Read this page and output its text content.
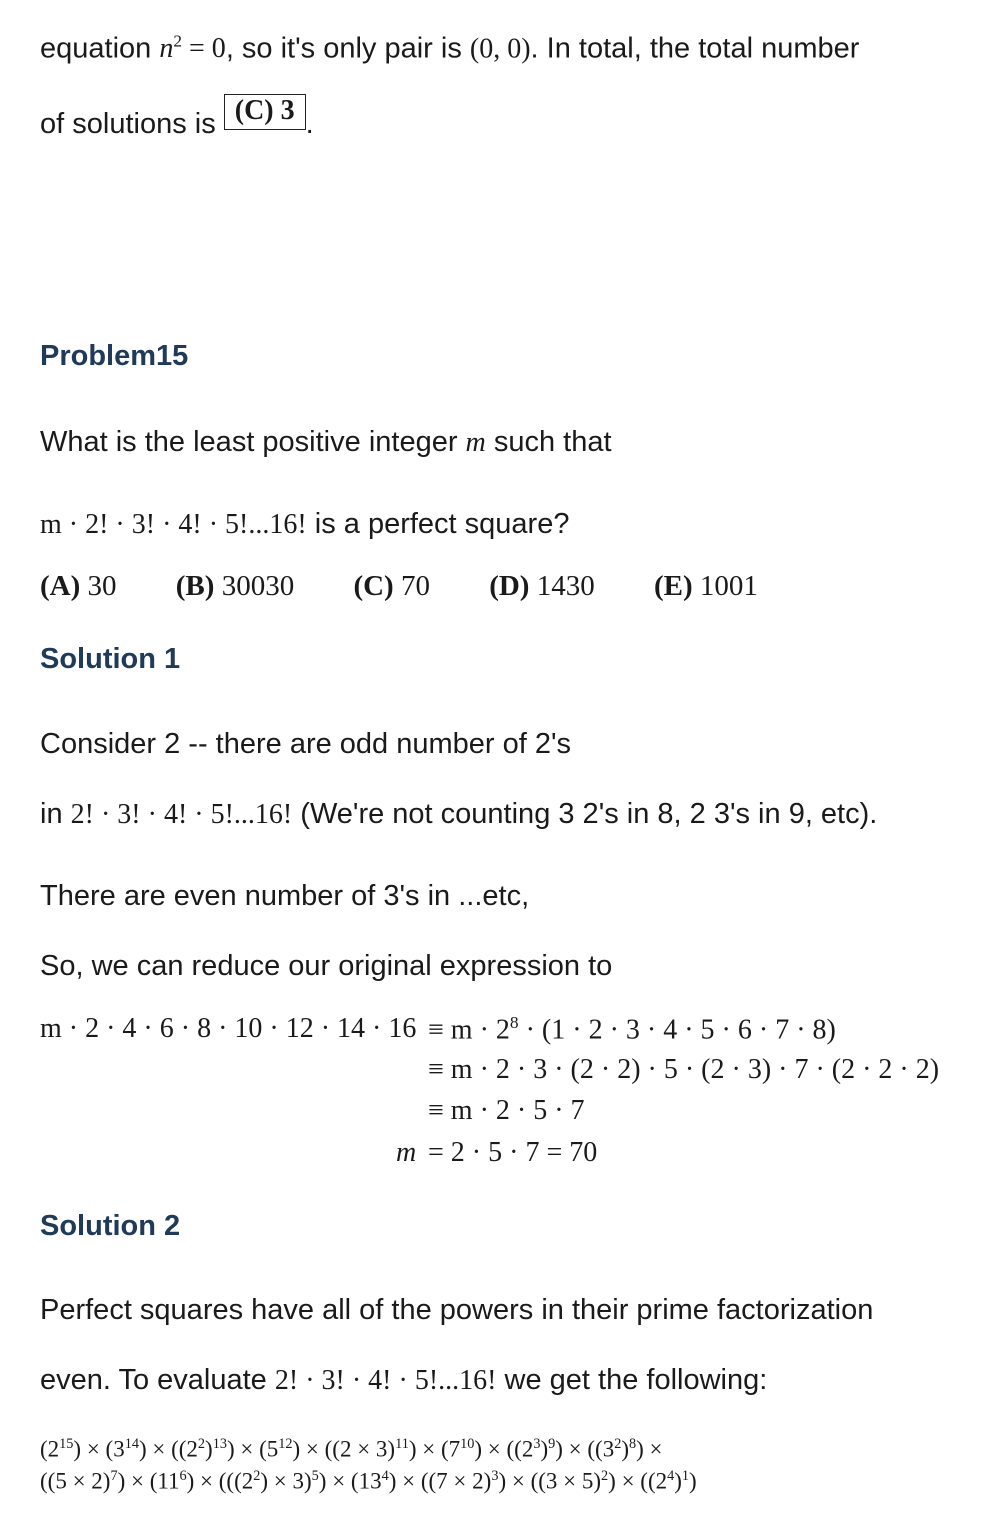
equation $n^2 = 0$, so it's only pair is (0, 0). In total, the total number
of solutions is (C) 3 .
Problem15
What is the least positive integer m such that
m · 2! · 3! · 4! · 5!...16! is a perfect square?
(A) 30 (B) 30030 (C) 70 (D) 1430 (E) 1001
Solution 1
Consider 2 -- there are odd number of 2's
in 2! · 3! · 4! · 5!...16! (We're not counting 3 2's in 8, 2 3's in 9, etc).
There are even number of 3's in ...etc,
So, we can reduce our original expression to
$m \cdot 2 \cdot 4 \cdot 6 \cdot 8 \cdot 10 \cdot 12 \cdot 14 \cdot 16 \equiv m \cdot 2^8 \cdot (1 \cdot 2 \cdot 3 \cdot 4 \cdot 5 \cdot 6 \cdot 7 \cdot 8)$
≡ m · 2 · 3 · (2 · 2) · 5 · (2 · 3) · 7 · (2 · 2 · 2)
≡ m · 2 · 5 · 7
m = 2 · 5 · 7 = 70
Solution 2
Perfect squares have all of the powers in their prime factorization
even. To evaluate 2! · 3! · 4! · 5!...16! we get the following:
$(2^{15}) \times (3^{14}) \times ((2^2)^{13}) \times (5^{12}) \times ((2 \times 3)^{11}) \times (7^{10}) \times ((2^3)^9) \times ((3^2)^8)$ ×
$((5 \times 2)^7) \times (11^6) \times (((2^2) \times 3)^5) \times (13^4) \times ((7 \times 2)^3) \times ((3 \times 5)^2) \times ((2^4)^1)$
